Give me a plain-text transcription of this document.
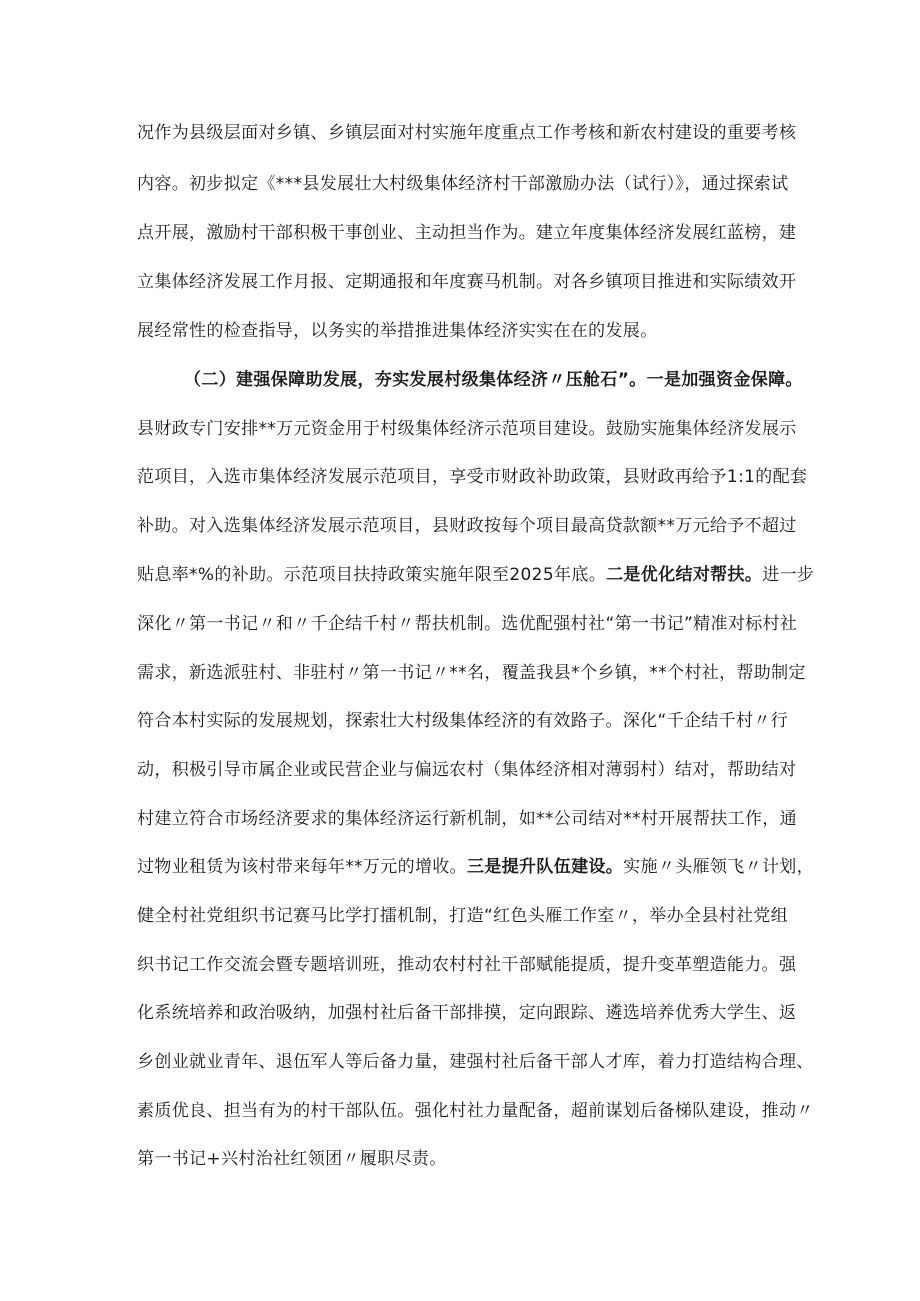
况作为县级层面对乡镇、乡镇层面对村实施年度重点工作考核和新农村建设的重要考核
内容。初步拟定《***县发展壮大村级集体经济村干部激励办法（试行）》，通过探索试
点开展，激励村干部积极干事创业、主动担当作为。建立年度集体经济发展红蓝榜，建
立集体经济发展工作月报、定期通报和年度赛马机制。对各乡镇项目推进和实际绩效开
展经常性的检查指导，以务实的举措推进集体经济实实在在的发展。
（二）建强保障助发展，夯实发展村级集体经济〃压舱石”。一是加强资金保障。
县财政专门安排**万元资金用于村级集体经济示范项目建设。鼓励实施集体经济发展示
范项目，入选市集体经济发展示范项目，享受市财政补助政策，县财政再给予1:1的配套
补助。对入选集体经济发展示范项目，县财政按每个项目最高贷款额**万元给予不超过
贴息率*%的补助。示范项目扶持政策实施年限至2025年底。二是优化结对帮扶。进一步
深化〃第一书记〃和〃千企结千村〃帮扶机制。选优配强村社“第一书记”精准对标村社
需求，新选派驻村、非驻村〃第一书记〃**名，覆盖我县*个乡镇，**个村社，帮助制定
符合本村实际的发展规划，探索壮大村级集体经济的有效路子。深化“千企结千村〃行
动，积极引导市属企业或民营企业与偏远农村（集体经济相对薄弱村）结对，帮助结对
村建立符合市场经济要求的集体经济运行新机制，如**公司结对**村开展帮扶工作，通
过物业租赁为该村带来每年**万元的增收。三是提升队伍建设。实施〃头雁领飞〃计划，
健全村社党组织书记赛马比学打擂机制，打造“红色头雁工作室〃，举办全县村社党组
织书记工作交流会暨专题培训班，推动农村村社干部赋能提质，提升变革塑造能力。强
化系统培养和政治吸纳，加强村社后备干部排摸，定向跟踪、遴选培养优秀大学生、返
乡创业就业青年、退伍军人等后备力量，建强村社后备干部人才库，着力打造结构合理、
素质优良、担当有为的村干部队伍。强化村社力量配备，超前谋划后备梯队建设，推动〃
第一书记+兴村治社红领团〃履职尽责。
